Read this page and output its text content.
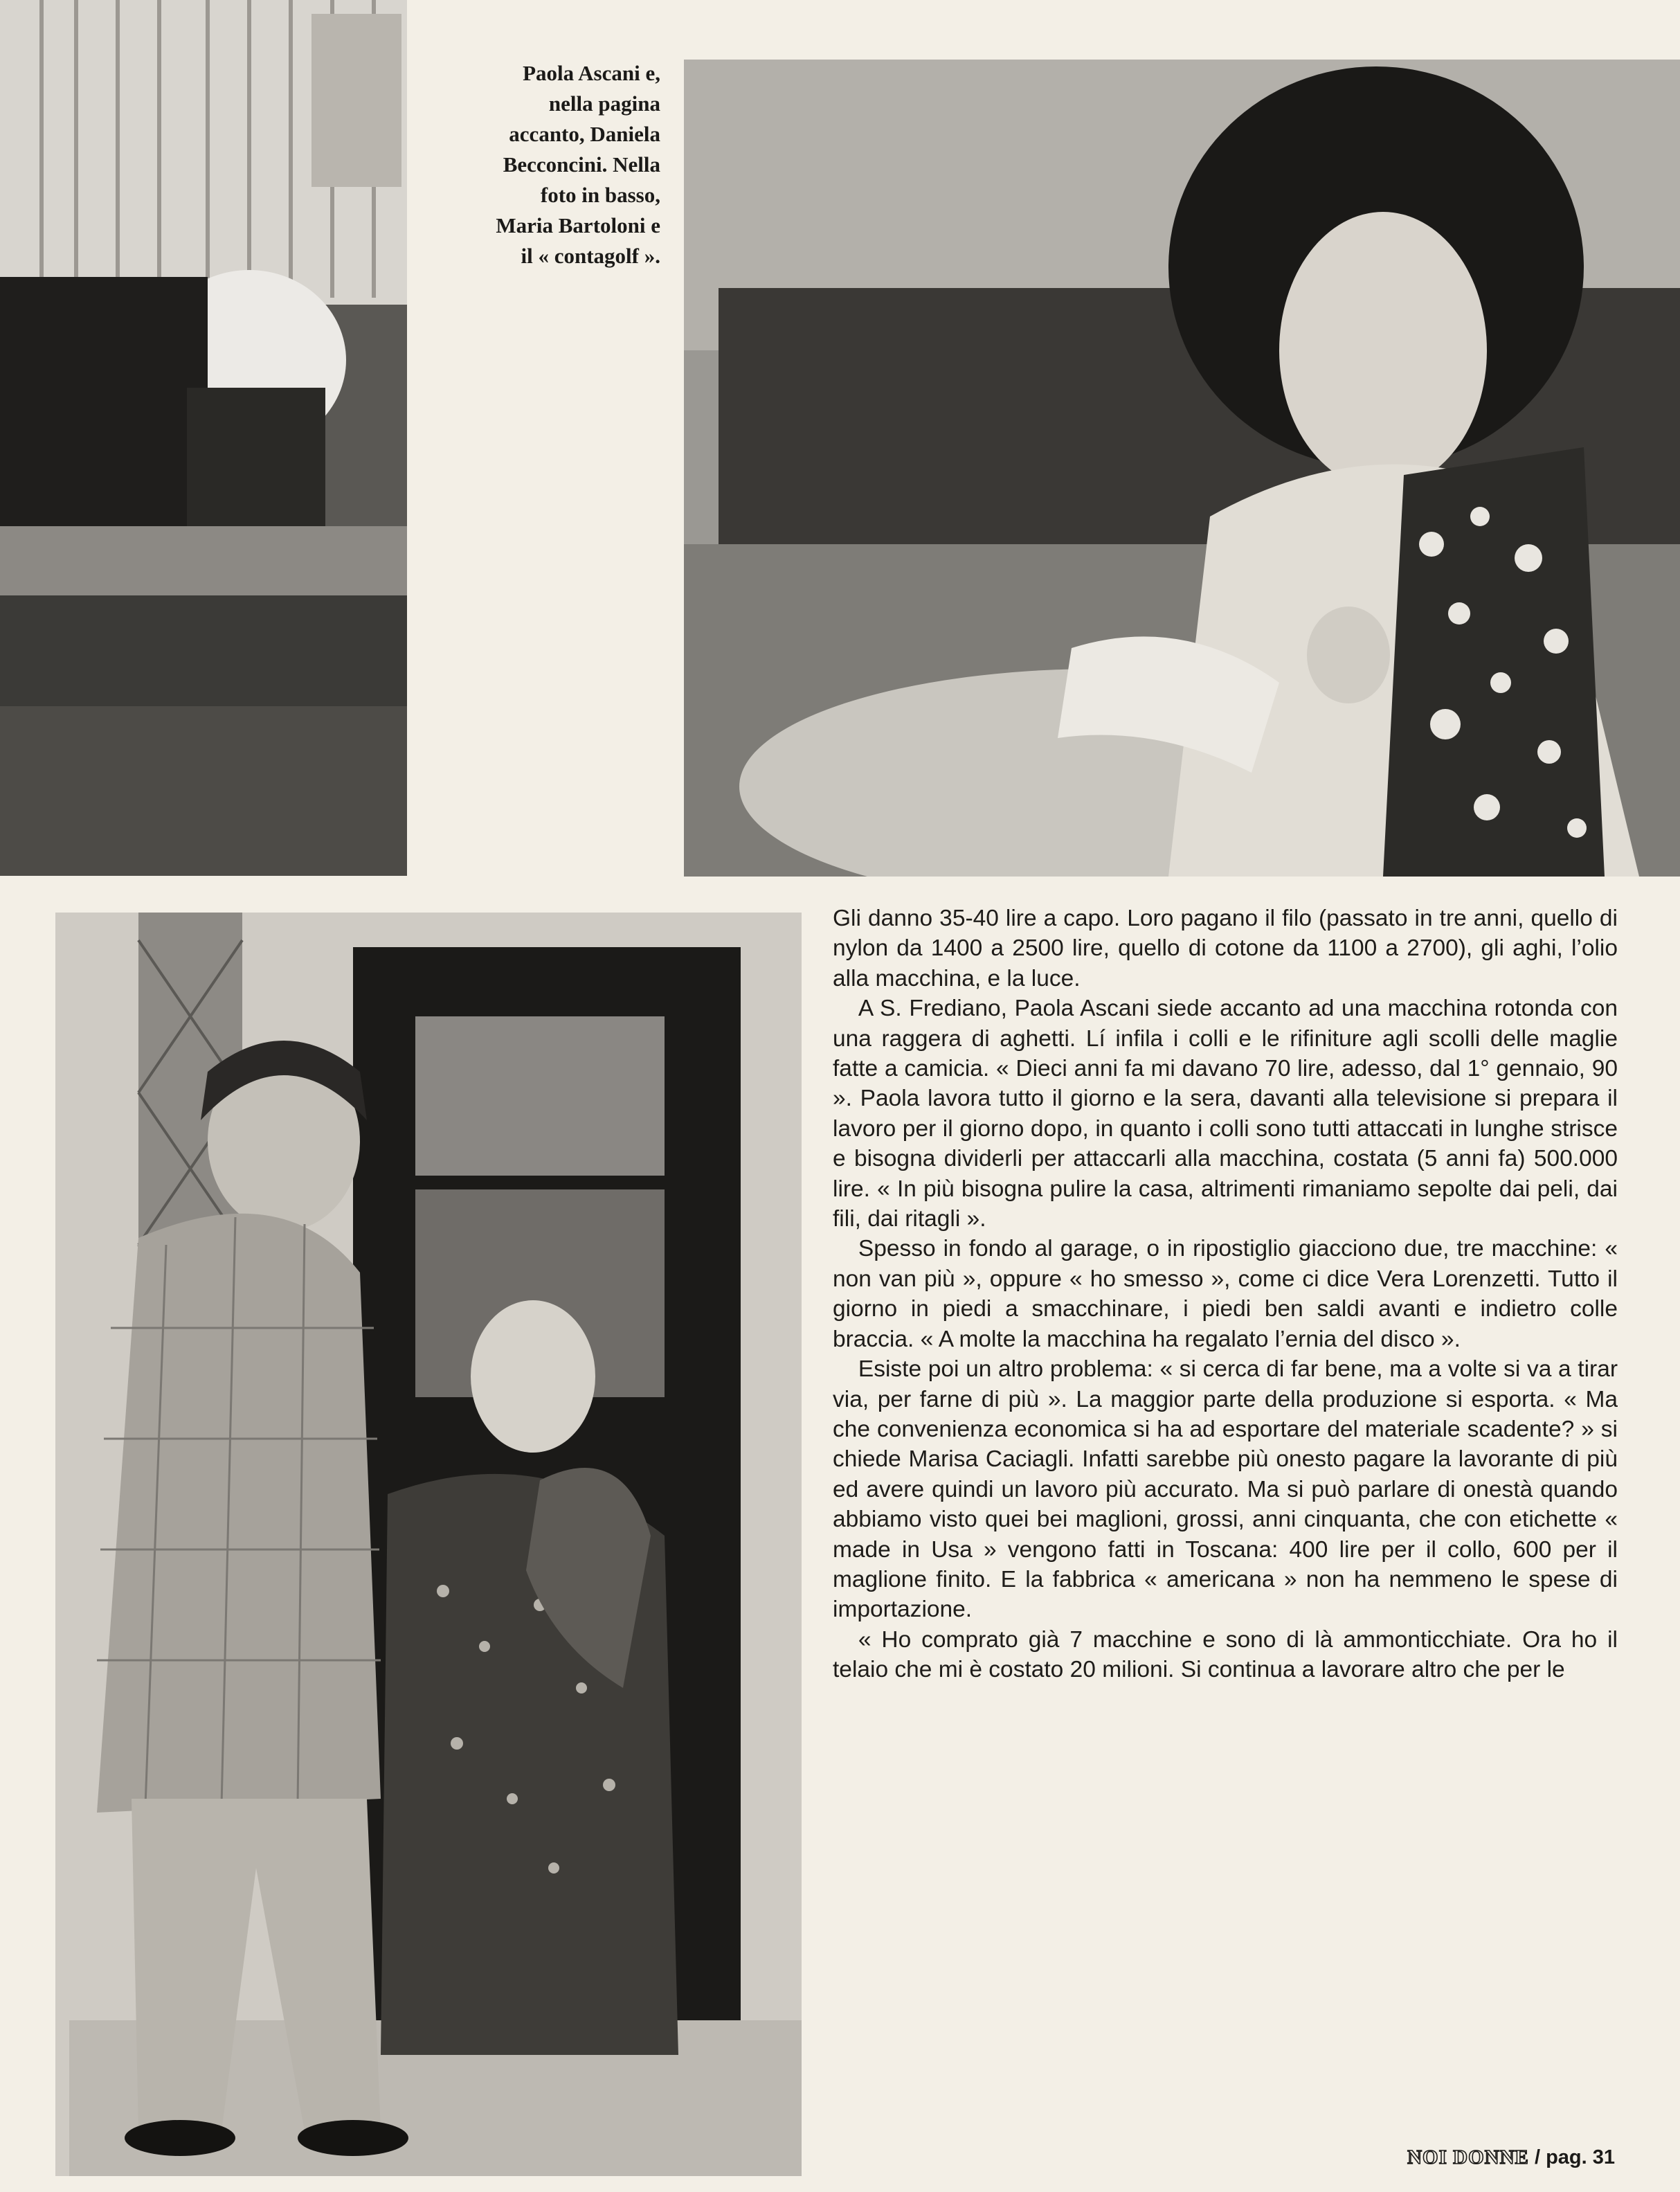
Paola Ascani e,
nella pagina
accanto, Daniela
Becconcini. Nella
foto in basso,
Maria Bartoloni e
il « contagolf ».

Gli danno 35-40 lire a capo. Loro pagano il filo (passato in tre anni, quello di nylon da 1400 a 2500 lire, quello di cotone da 1100 a 2700), gli aghi, l’olio alla macchina, e la luce.

A S. Frediano, Paola Ascani siede accanto ad una macchina rotonda con una raggera di aghetti. Lí infila i colli e le rifiniture agli scolli delle maglie fatte a camicia. « Dieci anni fa mi davano 70 lire, adesso, dal 1° gennaio, 90 ». Paola lavora tutto il giorno e la sera, davanti alla televisione si prepara il lavoro per il giorno dopo, in quanto i colli sono tutti attaccati in lunghe strisce e bisogna dividerli per attaccarli alla macchina, costata (5 anni fa) 500.000 lire. « In più bisogna pulire la casa, altrimenti rimaniamo sepolte dai peli, dai fili, dai ritagli ».

Spesso in fondo al garage, o in ripostiglio giacciono due, tre macchine: « non van più », oppure « ho smesso », come ci dice Vera Lorenzetti. Tutto il giorno in piedi a smacchinare, i piedi ben saldi avanti e indietro colle braccia. « A molte la macchina ha regalato l’ernia del disco ».

Esiste poi un altro problema: « si cerca di far bene, ma a volte si va a tirar via, per farne di più ». La maggior parte della produzione si esporta. « Ma che convenienza economica si ha ad esportare del materiale scadente? » si chiede Marisa Caciagli. Infatti sarebbe più onesto pagare la lavorante di più ed avere quindi un lavoro più accurato. Ma si può parlare di onestà quando abbiamo visto quei bei maglioni, grossi, anni cinquanta, che con etichette « made in Usa » vengono fatti in Toscana: 400 lire per il collo, 600 per il maglione finito. E la fabbrica « americana » non ha nemmeno le spese di importazione.

« Ho comprato già 7 macchine e sono di là ammonticchiate. Ora ho il telaio che mi è costato 20 milioni. Si continua a lavorare altro che per le

NOI DONNE / pag. 31
